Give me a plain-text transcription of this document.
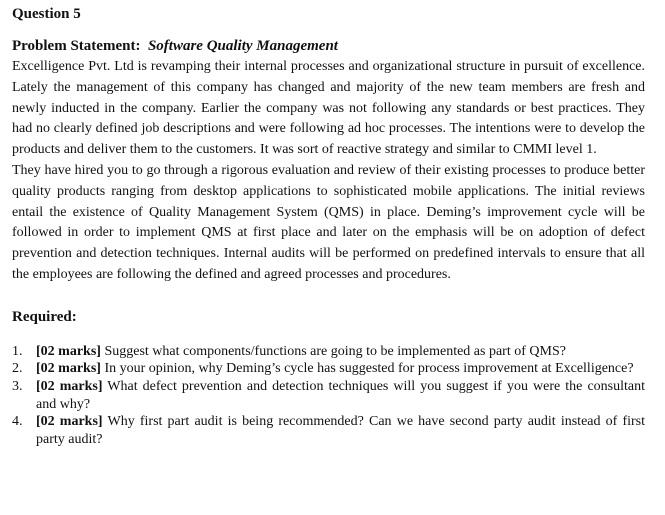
Question 5
Problem Statement: Software Quality Management

Excelligence Pvt. Ltd is revamping their internal processes and organizational structure in pursuit of excellence. Lately the management of this company has changed and majority of the new team members are fresh and newly inducted in the company. Earlier the company was not following any standards or best practices. They had no clearly defined job descriptions and were following ad hoc processes. The intentions were to develop the products and deliver them to the customers. It was sort of reactive strategy and similar to CMMI level 1.

They have hired you to go through a rigorous evaluation and review of their existing processes to produce better quality products ranging from desktop applications to sophisticated mobile applications. The initial reviews entail the existence of Quality Management System (QMS) in place. Deming’s improvement cycle will be followed in order to implement QMS at first place and later on the emphasis will be on adoption of defect prevention and detection techniques. Internal audits will be performed on predefined intervals to ensure that all the employees are following the defined and agreed processes and procedures.

Required:
1. [02 marks] Suggest what components/functions are going to be implemented as part of QMS?
2. [02 marks] In your opinion, why Deming’s cycle has suggested for process improvement at Excelligence?
3. [02 marks] What defect prevention and detection techniques will you suggest if you were the consultant and why?
4. [02 marks] Why first part audit is being recommended? Can we have second party audit instead of first party audit?
